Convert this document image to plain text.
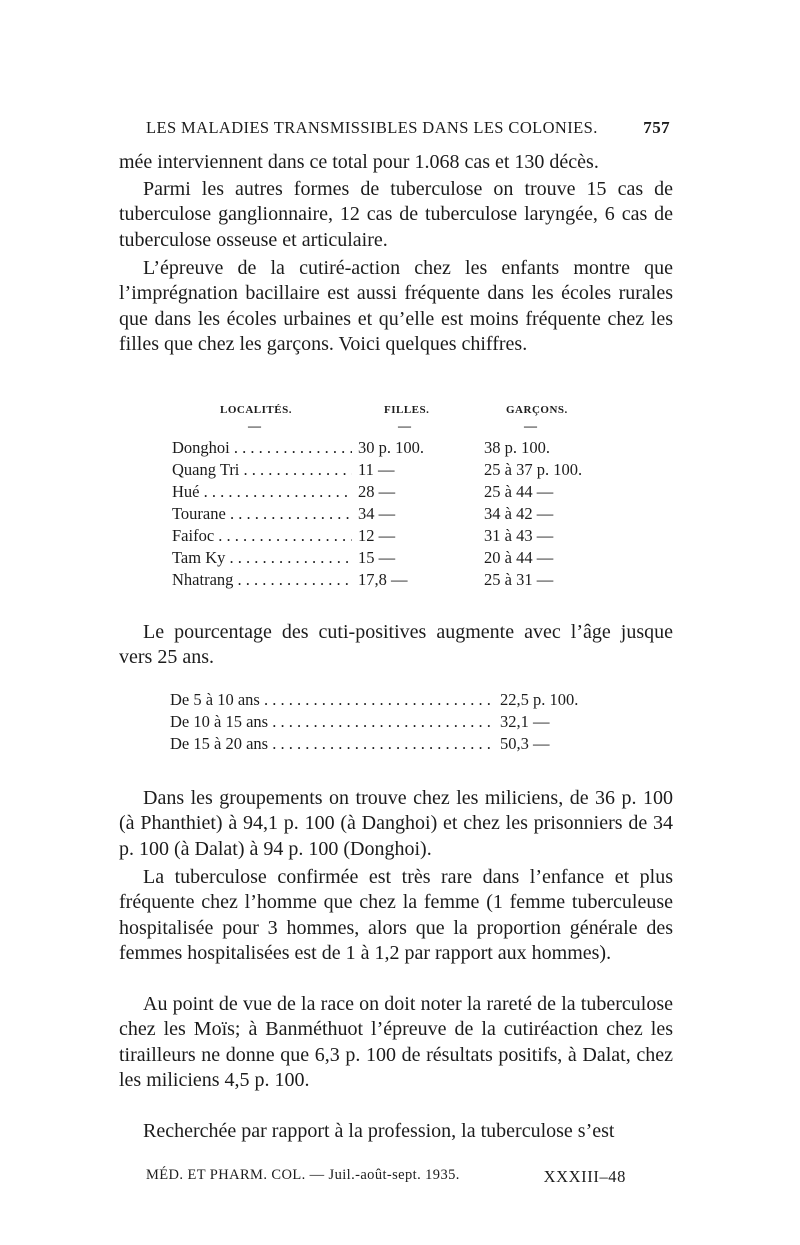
LES MALADIES TRANSMISSIBLES DANS LES COLONIES.	757

mée interviennent dans ce total pour 1.068 cas et 130 décès.

Parmi les autres formes de tuberculose on trouve 15 cas de tuberculose ganglionnaire, 12 cas de tuberculose laryngée, 6 cas de tuberculose osseuse et articulaire.

L’épreuve de la cutiré-action chez les enfants montre que l’imprégnation bacillaire est aussi fréquente dans les écoles rurales que dans les écoles urbaines et qu’elle est moins fréquente chez les filles que chez les garçons. Voici quelques chiffres.

LOCALITÉS.	FILLES.	GARÇONS.
—	—	—
Donghoi . . .	30 p. 100.	38 p. 100.
Quang Tri . . .	11 —	25 à 37 p. 100.
Hué . . .	28 —	25 à 44 —
Tourane . . .	34 —	34 à 42 —
Faifoc . . .	12 —	31 à 43 —
Tam Ky . . .	15 —	20 à 44 —
Nhatrang . . .	17,8 —	25 à 31 —

Le pourcentage des cuti-positives augmente avec l’âge jusque vers 25 ans.

De 5 à 10 ans . . .	22,5 p. 100.
De 10 à 15 ans . . .	32,1 —
De 15 à 20 ans . . .	50,3 —

Dans les groupements on trouve chez les miliciens, de 36 p. 100 (à Phanthiet) à 94,1 p. 100 (à Danghoi) et chez les prisonniers de 34 p. 100 (à Dalat) à 94 p. 100 (Donghoi).

La tuberculose confirmée est très rare dans l’enfance et plus fréquente chez l’homme que chez la femme (1 femme tuberculeuse hospitalisée pour 3 hommes, alors que la proportion générale des femmes hospitalisées est de 1 à 1,2 par rapport aux hommes).

Au point de vue de la race on doit noter la rareté de la tuberculose chez les Moïs; à Banméthuot l’épreuve de la cutiréaction chez les tirailleurs ne donne que 6,3 p. 100 de résultats positifs, à Dalat, chez les miliciens 4,5 p. 100.

Recherchée par rapport à la profession, la tuberculose s’est

MÉD. ET PHARM. COL. — Juil.-août-sept. 1935.	XXXIII–48
